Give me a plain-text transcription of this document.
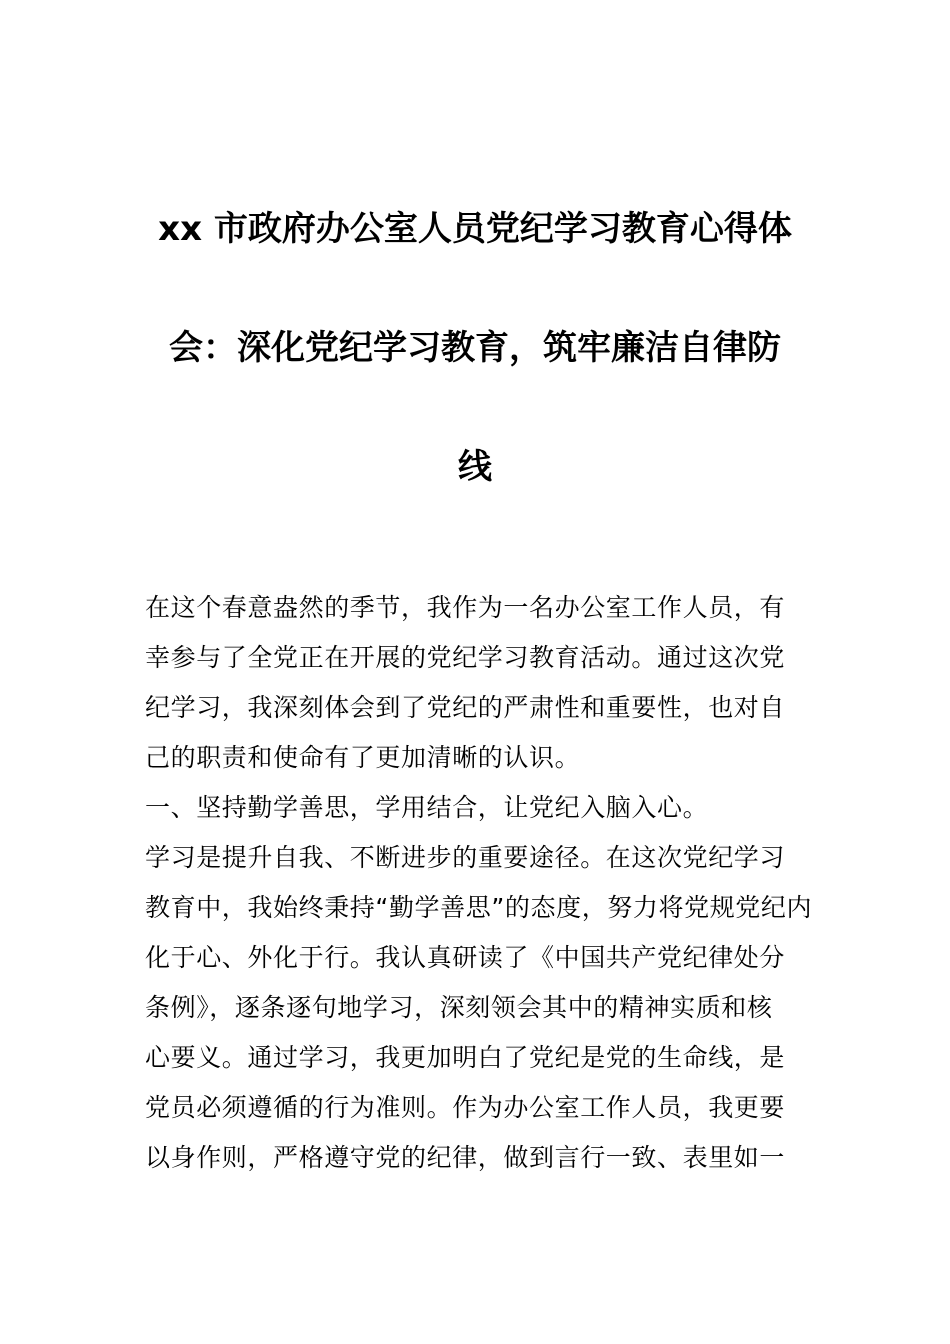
xx 市政府办公室人员党纪学习教育心得体
会：深化党纪学习教育，筑牢廉洁自律防
线
在这个春意盎然的季节，我作为一名办公室工作人员，有
幸参与了全党正在开展的党纪学习教育活动。通过这次党
纪学习，我深刻体会到了党纪的严肃性和重要性，也对自
己的职责和使命有了更加清晰的认识。
一、坚持勤学善思，学用结合，让党纪入脑入心。
学习是提升自我、不断进步的重要途径。在这次党纪学习
教育中，我始终秉持“勤学善思”的态度，努力将党规党纪内
化于心、外化于行。我认真研读了《中国共产党纪律处分
条例》，逐条逐句地学习，深刻领会其中的精神实质和核
心要义。通过学习，我更加明白了党纪是党的生命线，是
党员必须遵循的行为准则。作为办公室工作人员，我更要
以身作则，严格遵守党的纪律，做到言行一致、表里如一
